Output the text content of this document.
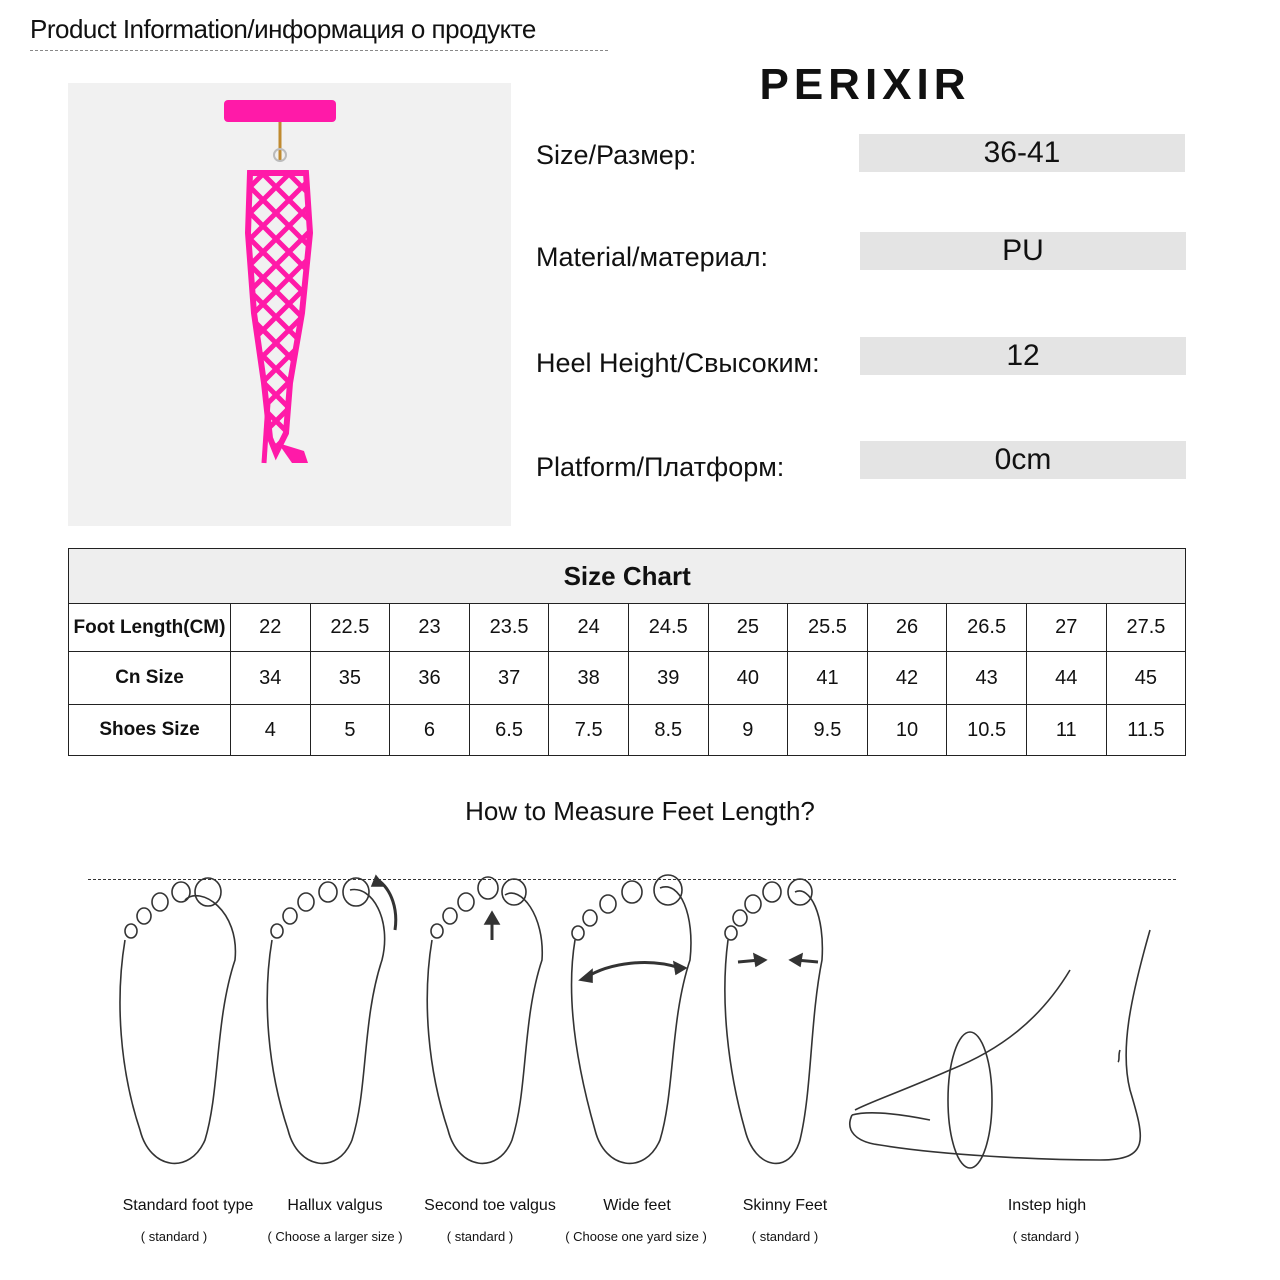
Product Information/информация о продукте
PERIXIR
Size/Размер:	36-41
Material/материал:	PU
Heel Height/Свысоким:	12
Platform/Платформ:	0cm
Size Chart												
Foot Length(CM)	22	22.5	23	23.5	24	24.5	25	25.5	26	26.5	27	27.5
Cn Size	34	35	36	37	38	39	40	41	42	43	44	45
Shoes Size	4	5	6	6.5	7.5	8.5	9	9.5	10	10.5	11	11.5
How to Measure Feet Length?
Standard foot type
( standard )
Hallux valgus
( Choose a larger size )
Second toe valgus
( standard )
Wide feet
( Choose one yard size )
Skinny Feet
( standard )
Instep high
( standard )
